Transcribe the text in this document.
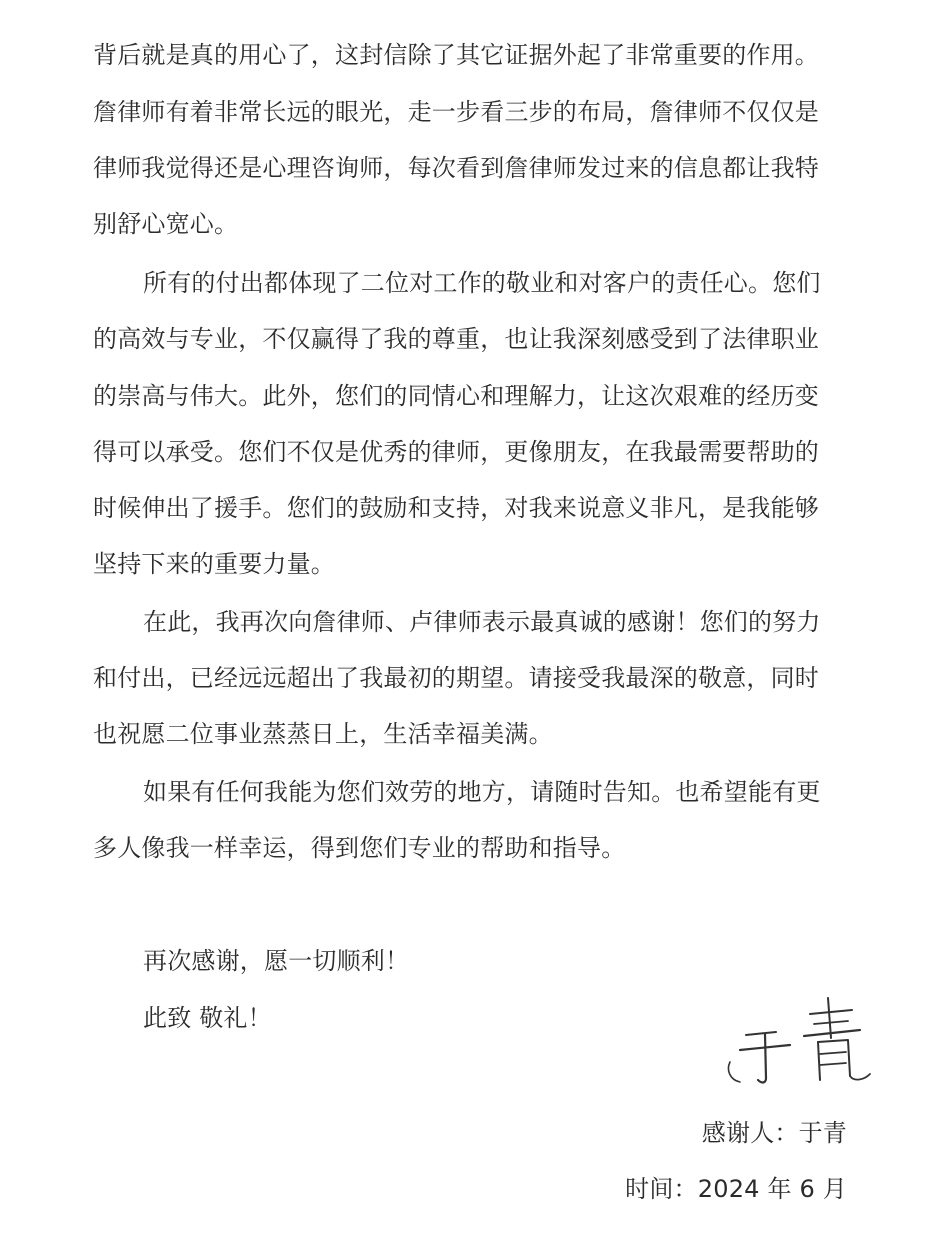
背后就是真的用心了，这封信除了其它证据外起了非常重要的作用。
詹律师有着非常长远的眼光，走一步看三步的布局，詹律师不仅仅是
律师我觉得还是心理咨询师，每次看到詹律师发过来的信息都让我特
别舒心宽心。
所有的付出都体现了二位对工作的敬业和对客户的责任心。您们
的高效与专业，不仅赢得了我的尊重，也让我深刻感受到了法律职业
的崇高与伟大。此外，您们的同情心和理解力，让这次艰难的经历变
得可以承受。您们不仅是优秀的律师，更像朋友，在我最需要帮助的
时候伸出了援手。您们的鼓励和支持，对我来说意义非凡，是我能够
坚持下来的重要力量。
在此，我再次向詹律师、卢律师表示最真诚的感谢！您们的努力
和付出，已经远远超出了我最初的期望。请接受我最深的敬意，同时
也祝愿二位事业蒸蒸日上，生活幸福美满。
如果有任何我能为您们效劳的地方，请随时告知。也希望能有更
多人像我一样幸运，得到您们专业的帮助和指导。
再次感谢，愿一切顺利！
此致 敬礼！
感谢人：于青
时间：2024 年 6 月
